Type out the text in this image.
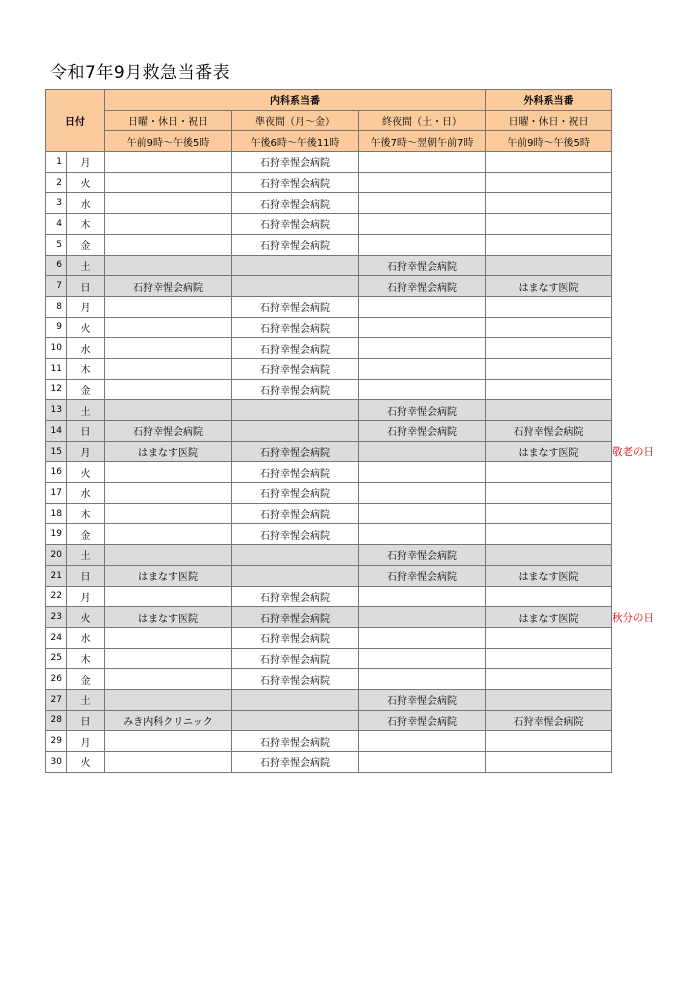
令和7年9月救急当番表
日付		内科系当番			外科系当番
		日曜・休日・祝日	準夜間（月～金）	終夜間（土・日）	日曜・休日・祝日
		午前9時～午後5時	午後6時～午後11時	午後7時～翌朝午前7時	午前9時～午後5時
1	月		石狩幸惺会病院		
2	火		石狩幸惺会病院		
3	水		石狩幸惺会病院		
4	木		石狩幸惺会病院		
5	金		石狩幸惺会病院		
6	土			石狩幸惺会病院	
7	日	石狩幸惺会病院		石狩幸惺会病院	はまなす医院
8	月		石狩幸惺会病院		
9	火		石狩幸惺会病院		
10	水		石狩幸惺会病院		
11	木		石狩幸惺会病院		
12	金		石狩幸惺会病院		
13	土			石狩幸惺会病院	
14	日	石狩幸惺会病院		石狩幸惺会病院	石狩幸惺会病院
15	月	はまなす医院	石狩幸惺会病院		はまなす医院
16	火		石狩幸惺会病院		
17	水		石狩幸惺会病院		
18	木		石狩幸惺会病院		
19	金		石狩幸惺会病院		
20	土			石狩幸惺会病院	
21	日	はまなす医院		石狩幸惺会病院	はまなす医院
22	月		石狩幸惺会病院		
23	火	はまなす医院	石狩幸惺会病院		はまなす医院
24	水		石狩幸惺会病院		
25	木		石狩幸惺会病院		
26	金		石狩幸惺会病院		
27	土			石狩幸惺会病院	
28	日	みき内科クリニック		石狩幸惺会病院	石狩幸惺会病院
29	月		石狩幸惺会病院		
30	火		石狩幸惺会病院		
敬老の日
秋分の日
